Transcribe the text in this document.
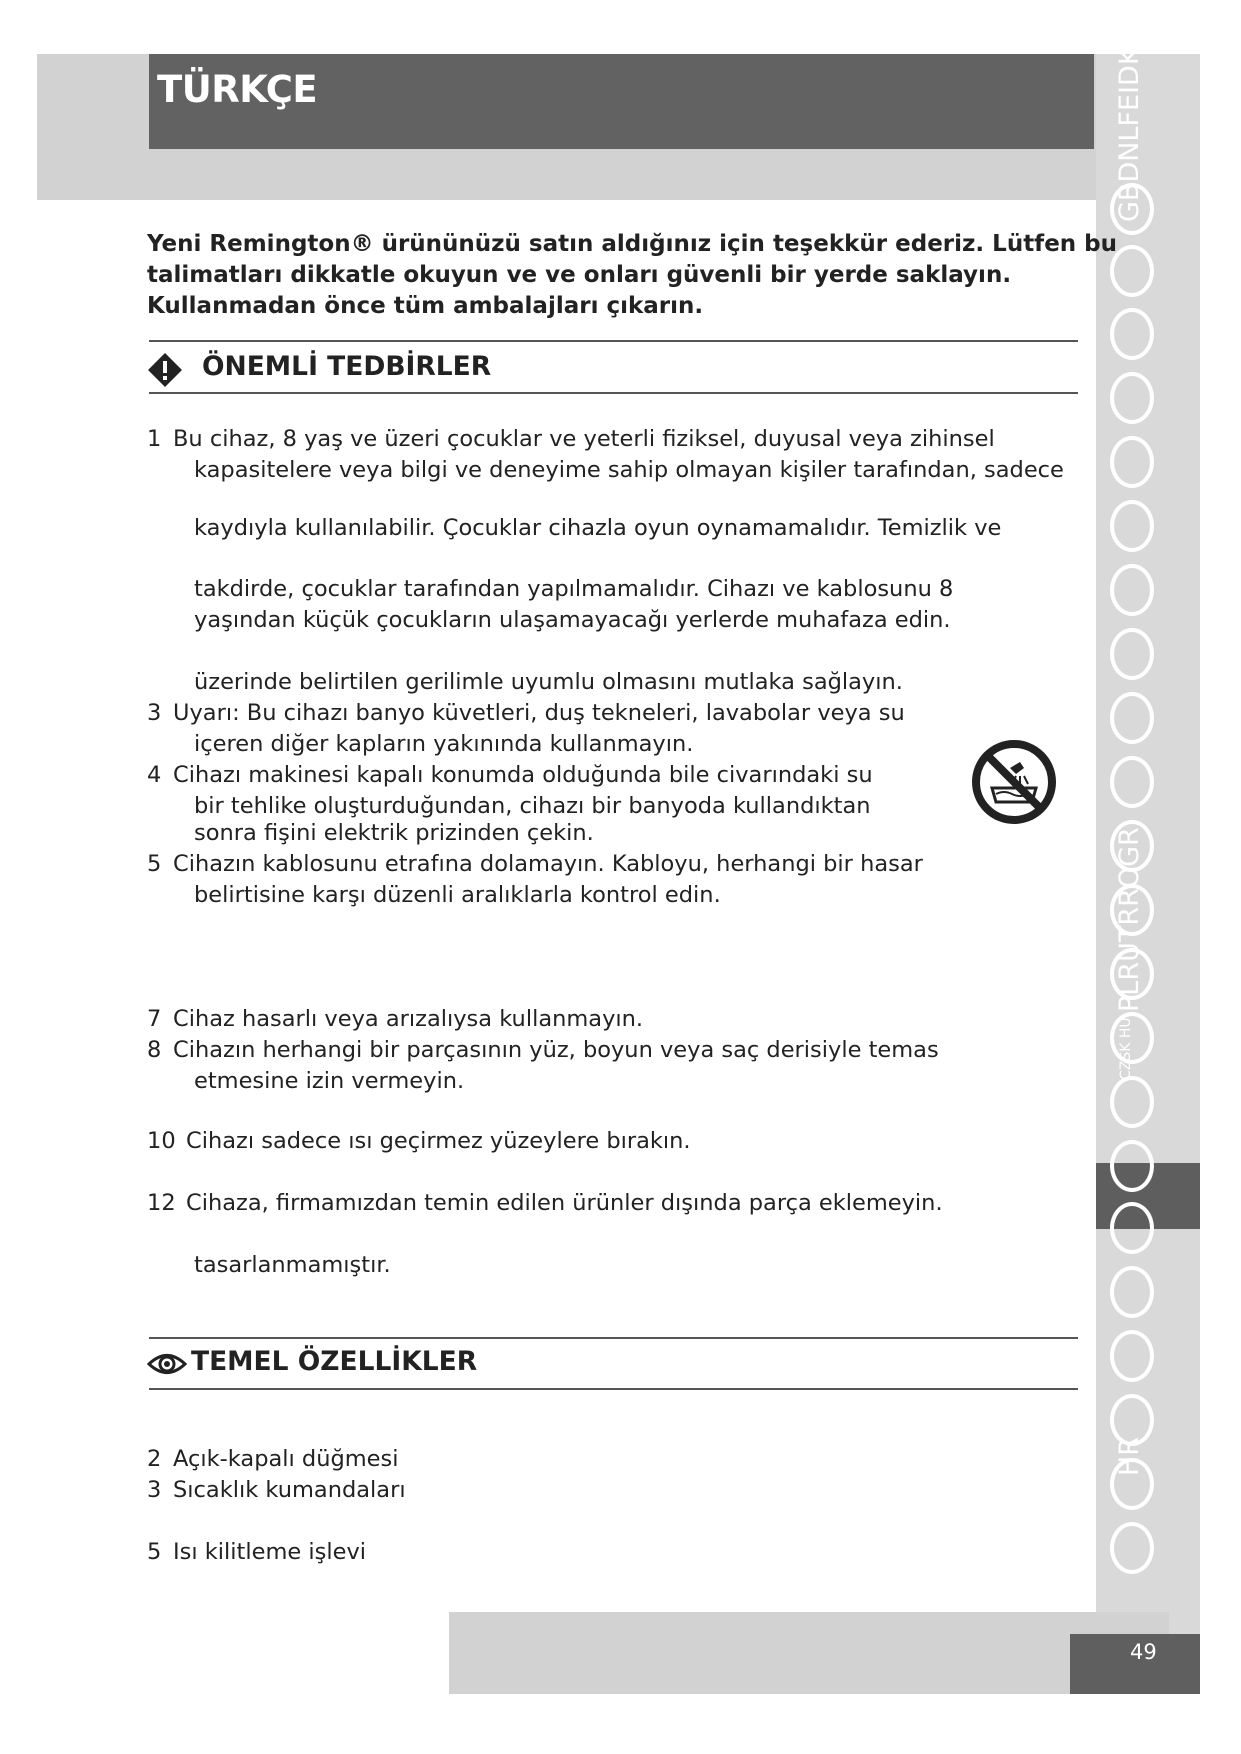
TÜRKÇE
Yeni Remington® ürününüzü satın aldığınız için teşekkür ederiz. Lütfen bu
talimatları dikkatle okuyun ve ve onları güvenli bir yerde saklayın.
Kullanmadan önce tüm ambalajları çıkarın.
ÖNEMLİ TEDBİRLER
1 Bu cihaz, 8 yaş ve üzeri çocuklar ve yeterli fiziksel, duyusal veya zihinsel
kapasitelere veya bilgi ve deneyime sahip olmayan kişiler tarafından, sadece
kaydıyla kullanılabilir. Çocuklar cihazla oyun oynamamalıdır. Temizlik ve
takdirde, çocuklar tarafından yapılmamalıdır. Cihazı ve kablosunu 8
yaşından küçük çocukların ulaşamayacağı yerlerde muhafaza edin.
üzerinde belirtilen gerilimle uyumlu olmasını mutlaka sağlayın.
3 Uyarı: Bu cihazı banyo küvetleri, duş tekneleri, lavabolar veya su
içeren diğer kapların yakınında kullanmayın.
4 Cihazı makinesi kapalı konumda olduğunda bile civarındaki su
bir tehlike oluşturduğundan, cihazı bir banyoda kullandıktan
sonra fişini elektrik prizinden çekin.
5 Cihazın kablosunu etrafına dolamayın. Kabloyu, herhangi bir hasar
belirtisine karşı düzenli aralıklarla kontrol edin.
7 Cihaz hasarlı veya arızalıysa kullanmayın.
8 Cihazın herhangi bir parçasının yüz, boyun veya saç derisiyle temas
etmesine izin vermeyin.
10 Cihazı sadece ısı geçirmez yüzeylere bırakın.
12 Cihaza, firmamızdan temin edilen ürünler dışında parça eklemeyin.
tasarlanmamıştır.
TEMEL ÖZELLİKLER
2 Açık-kapalı düğmesi
3 Sıcaklık kumandaları
5 Isı kilitleme işlevi
GBDNLFEIDK
PLRUTRROGR
CZSK HU
HR
49
